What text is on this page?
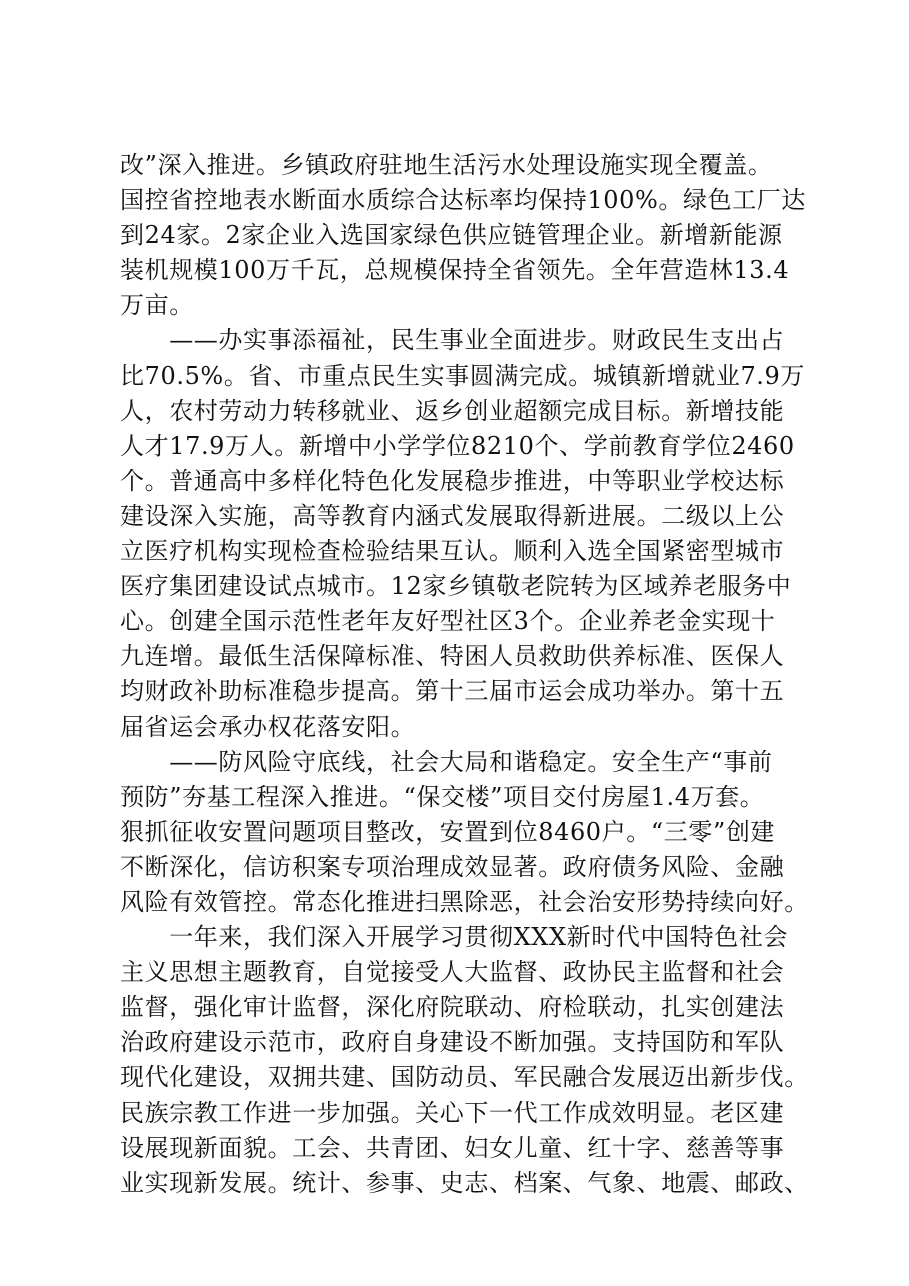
改”深入推进。乡镇政府驻地生活污水处理设施实现全覆盖。
国控省控地表水断面水质综合达标率均保持100%。绿色工厂达
到24家。2家企业入选国家绿色供应链管理企业。新增新能源
装机规模100万千瓦，总规模保持全省领先。全年营造林13.4
万亩。
　　——办实事添福祉，民生事业全面进步。财政民生支出占
比70.5%。省、市重点民生实事圆满完成。城镇新增就业7.9万
人，农村劳动力转移就业、返乡创业超额完成目标。新增技能
人才17.9万人。新增中小学学位8210个、学前教育学位2460
个。普通高中多样化特色化发展稳步推进，中等职业学校达标
建设深入实施，高等教育内涵式发展取得新进展。二级以上公
立医疗机构实现检查检验结果互认。顺利入选全国紧密型城市
医疗集团建设试点城市。12家乡镇敬老院转为区域养老服务中
心。创建全国示范性老年友好型社区3个。企业养老金实现十
九连增。最低生活保障标准、特困人员救助供养标准、医保人
均财政补助标准稳步提高。第十三届市运会成功举办。第十五
届省运会承办权花落安阳。
　　——防风险守底线，社会大局和谐稳定。安全生产“事前
预防”夯基工程深入推进。“保交楼”项目交付房屋1.4万套。
狠抓征收安置问题项目整改，安置到位8460户。“三零”创建
不断深化，信访积案专项治理成效显著。政府债务风险、金融
风险有效管控。常态化推进扫黑除恶，社会治安形势持续向好。
　　一年来，我们深入开展学习贯彻XXX新时代中国特色社会
主义思想主题教育，自觉接受人大监督、政协民主监督和社会
监督，强化审计监督，深化府院联动、府检联动，扎实创建法
治政府建设示范市，政府自身建设不断加强。支持国防和军队
现代化建设，双拥共建、国防动员、军民融合发展迈出新步伐。
民族宗教工作进一步加强。关心下一代工作成效明显。老区建
设展现新面貌。工会、共青团、妇女儿童、红十字、慈善等事
业实现新发展。统计、参事、史志、档案、气象、地震、邮政、
